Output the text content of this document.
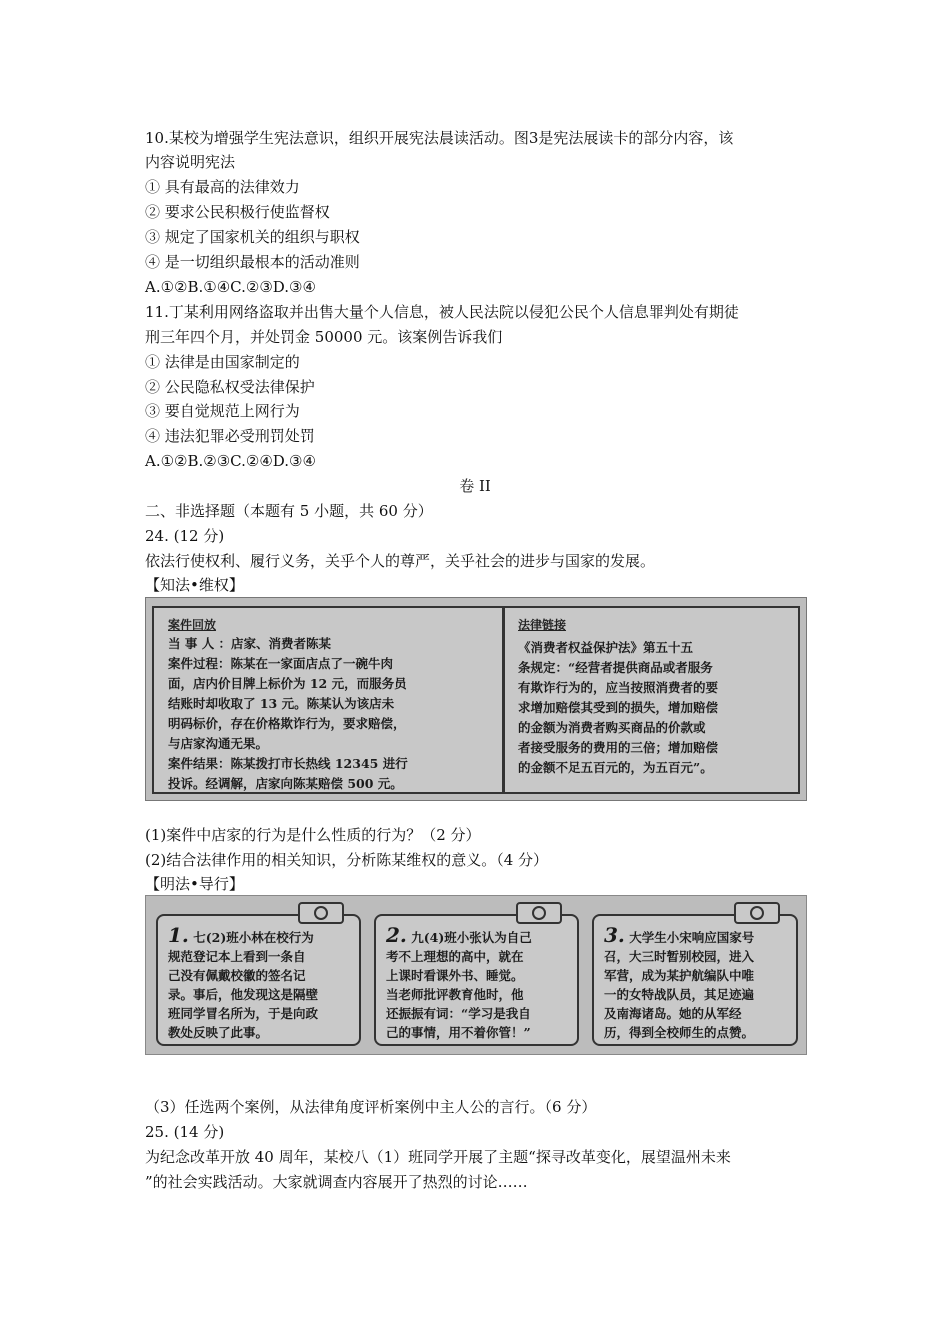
10.某校为增强学生宪法意识，组织开展宪法晨读活动。图3是宪法展读卡的部分内容，该
内容说明宪法
① 具有最高的法律效力
② 要求公民积极行使监督权
③ 规定了国家机关的组织与职权
④ 是一切组织最根本的活动准则
A.①②B.①④C.②③D.③④
11.丁某利用网络盗取并出售大量个人信息，被人民法院以侵犯公民个人信息罪判处有期徒
刑三年四个月，并处罚金 50000 元。该案例告诉我们
① 法律是由国家制定的
② 公民隐私权受法律保护
③ 要自觉规范上网行为
④ 违法犯罪必受刑罚处罚
A.①②B.②③C.②④D.③④
卷 II
二、非选择题（本题有 5 小题，共 60 分）
24. (12 分)
依法行使权利、履行义务，关乎个人的尊严，关乎社会的进步与国家的发展。
【知法•维权】
案件回放
当 事 人 ：店家、消费者陈某
案件过程：陈某在一家面店点了一碗牛肉
面，店内价目牌上标价为 12 元，而服务员
结账时却收取了 13 元。陈某认为该店未
明码标价，存在价格欺诈行为，要求赔偿，
与店家沟通无果。
案件结果：陈某拨打市长热线 12345 进行
投诉。经调解，店家向陈某赔偿 500 元。
法律链接
《消费者权益保护法》第五十五
条规定：“经营者提供商品或者服务
有欺诈行为的，应当按照消费者的要
求增加赔偿其受到的损失，增加赔偿
的金额为消费者购买商品的价款或
者接受服务的费用的三倍；增加赔偿
的金额不足五百元的，为五百元”。
(1)案件中店家的行为是什么性质的行为？（2 分）
(2)结合法律作用的相关知识，分析陈某维权的意义。（4 分）
【明法•导行】
1. 七(2)班小林在校行为
规范登记本上看到一条自
己没有佩戴校徽的签名记
录。事后，他发现这是隔壁
班同学冒名所为，于是向政
教处反映了此事。
2. 九(4)班小张认为自己
考不上理想的高中，就在
上课时看课外书、睡觉。
当老师批评教育他时，他
还振振有词：“学习是我自
己的事情，用不着你管！”
3. 大学生小宋响应国家号
召，大三时暂别校园，进入
军营，成为某护航编队中唯
一的女特战队员，其足迹遍
及南海诸岛。她的从军经
历，得到全校师生的点赞。
（3）任选两个案例，从法律角度评析案例中主人公的言行。（6 分）
25. (14 分)
为纪念改革开放 40 周年，某校八（1）班同学开展了主题“探寻改革变化，展望温州未来
”的社会实践活动。大家就调查内容展开了热烈的讨论……
